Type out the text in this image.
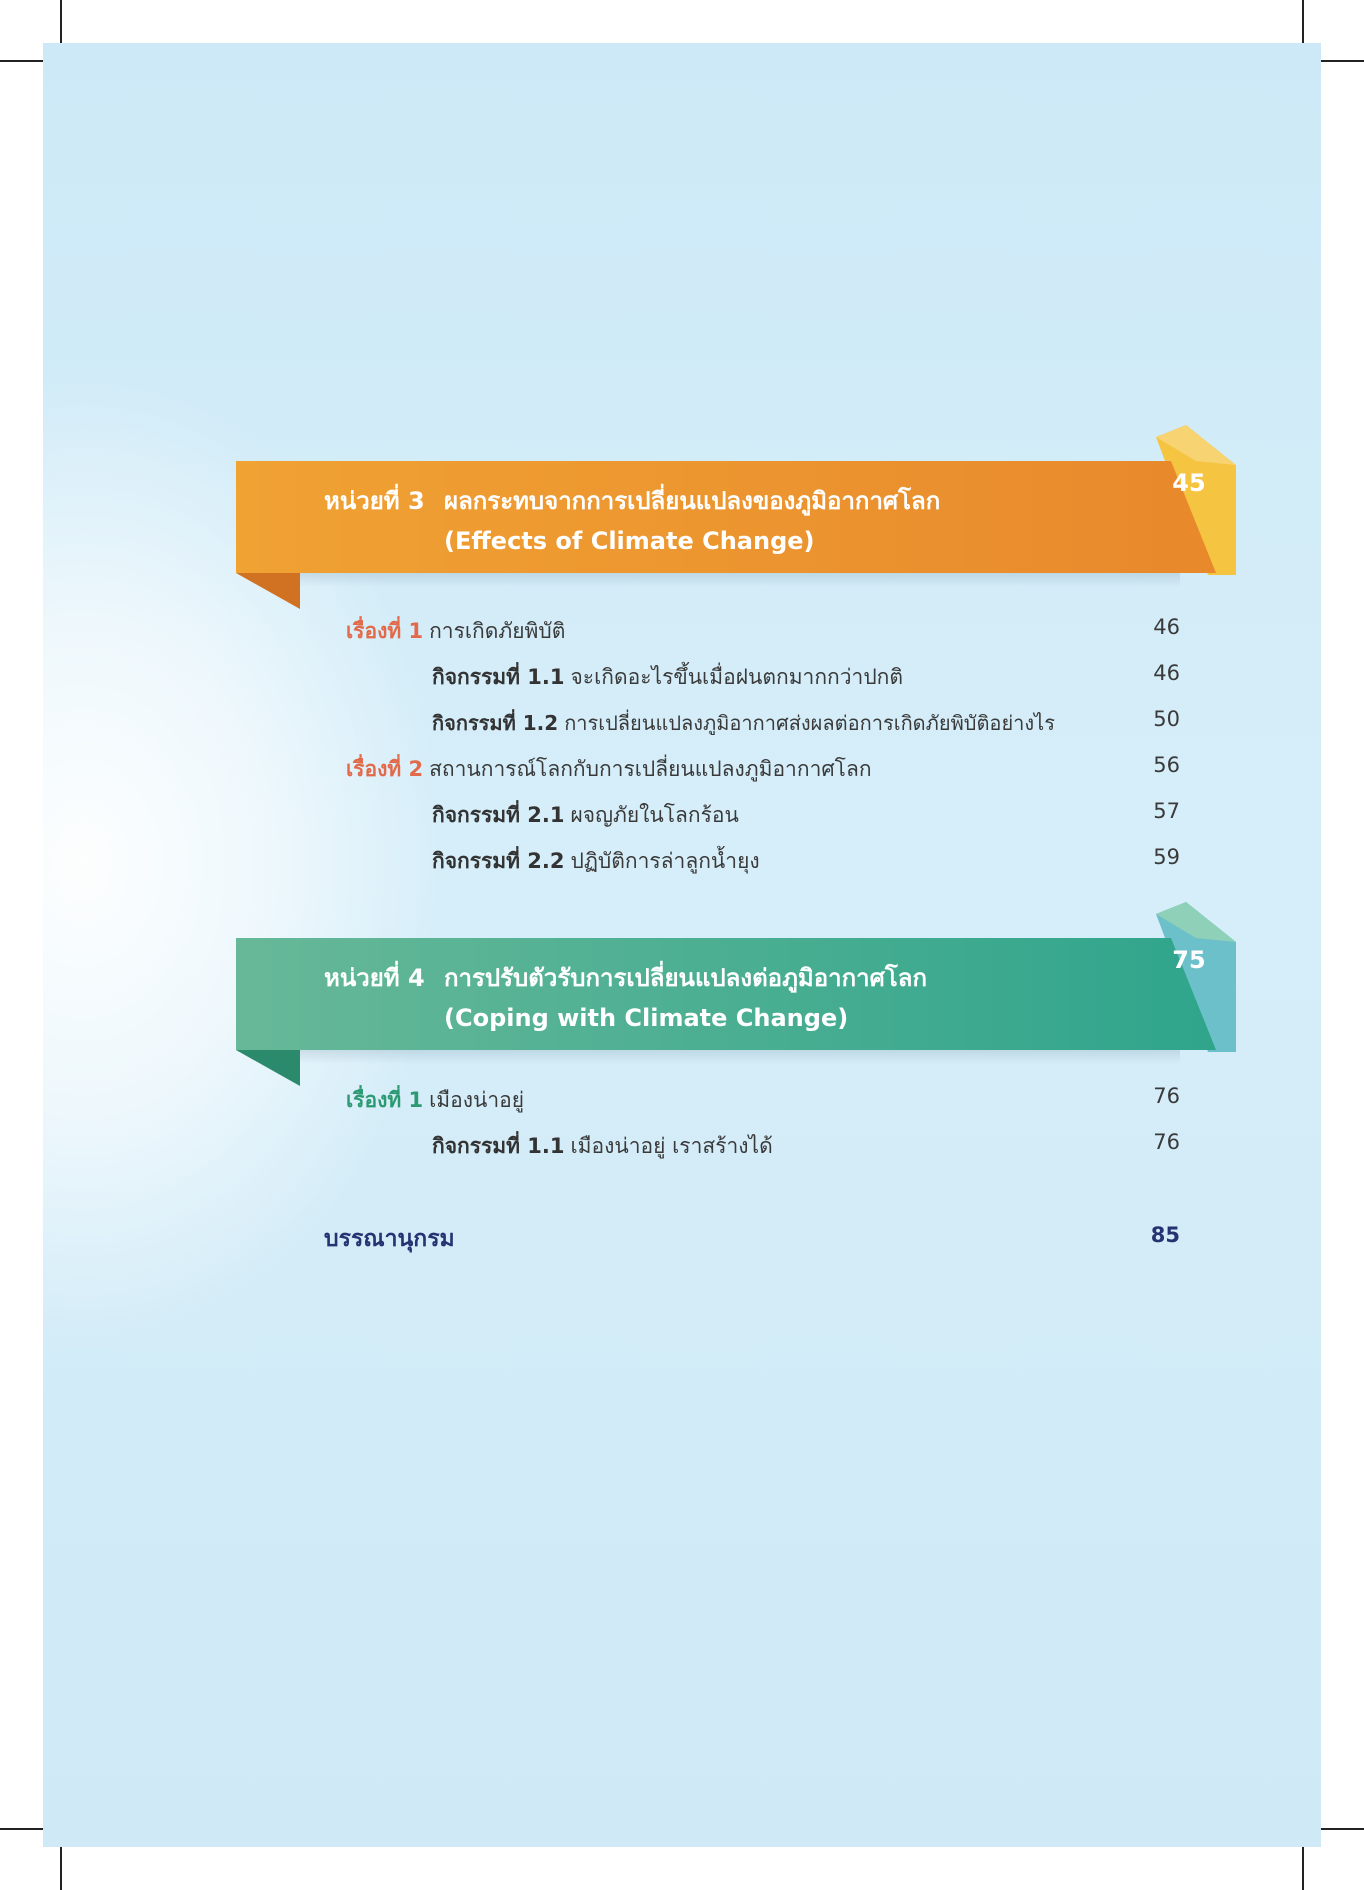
45
หน่วยที่ 3 ผลกระทบจากการเปลี่ยนแปลงของภูมิอากาศโลก
(Effects of Climate Change)
เรื่องที่ 1 การเกิดภัยพิบัติ	46
กิจกรรมที่ 1.1 จะเกิดอะไรขึ้นเมื่อฝนตกมากกว่าปกติ	46
กิจกรรมที่ 1.2 การเปลี่ยนแปลงภูมิอากาศส่งผลต่อการเกิดภัยพิบัติอย่างไร	50
เรื่องที่ 2 สถานการณ์โลกกับการเปลี่ยนแปลงภูมิอากาศโลก	56
กิจกรรมที่ 2.1 ผจญภัยในโลกร้อน	57
กิจกรรมที่ 2.2 ปฏิบัติการล่าลูกน้ำยุง	59
75
หน่วยที่ 4 การปรับตัวรับการเปลี่ยนแปลงต่อภูมิอากาศโลก
(Coping with Climate Change)
เรื่องที่ 1 เมืองน่าอยู่	76
กิจกรรมที่ 1.1 เมืองน่าอยู่ เราสร้างได้	76
บรรณานุกรม	85
